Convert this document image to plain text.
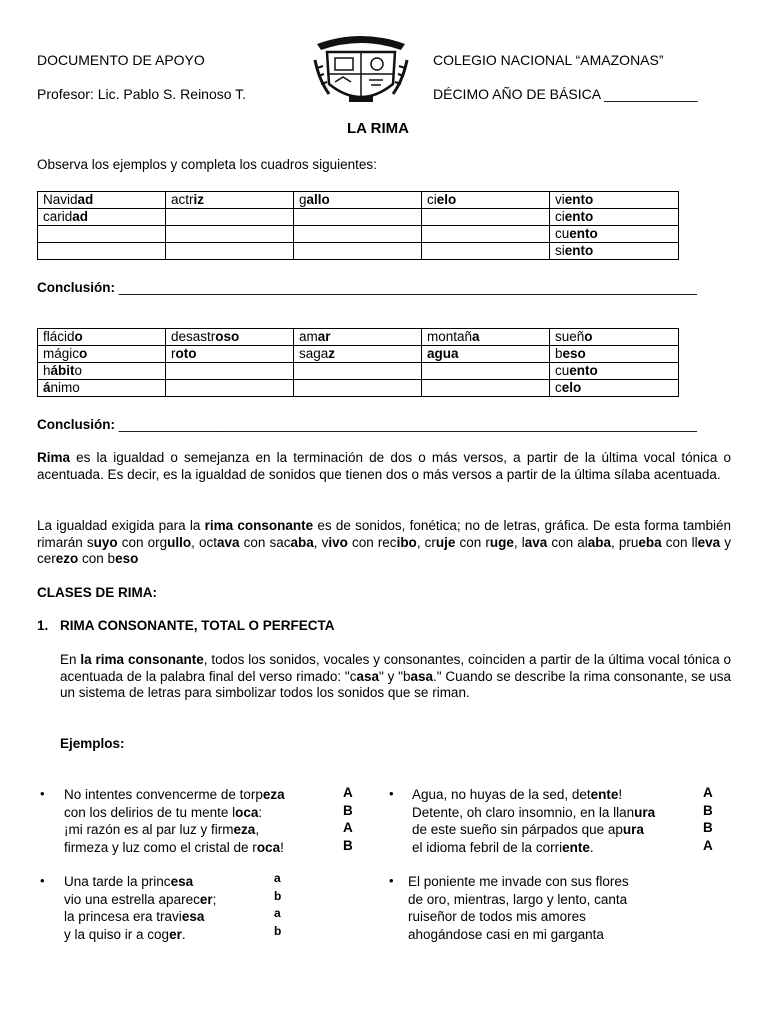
DOCUMENTO DE APOYO	COLEGIO NACIONAL “AMAZONAS”
Profesor: Lic. Pablo S. Reinoso T.	DÉCIMO AÑO DE BÁSICA ____________
LA RIMA
Observa los ejemplos y completa los cuadros siguientes:
Navidad	actriz	gallo	cielo	viento
caridad				ciento
				cuento
				siento
Conclusión: _____________________________________________________________________________
flácido	desastroso	amar	montaña	sueño
mágico	roto	sagaz	agua	beso
hábito				cuento
ánimo				celo
Conclusión: _____________________________________________________________________________
Rima es la igualdad o semejanza en la terminación de dos o más versos, a partir de la última vocal tónica o acentuada. Es decir, es la igualdad de sonidos que tienen dos o más versos a partir de la última sílaba acentuada.
La igualdad exigida para la rima consonante es de sonidos, fonética; no de letras, gráfica. De esta forma también rimarán suyo con orgullo, octava con sacaba, vivo con recibo, cruje con ruge, lava con alaba, prueba con lleva y cerezo con beso
CLASES DE RIMA:
1. RIMA CONSONANTE, TOTAL O PERFECTA
En la rima consonante, todos los sonidos, vocales y consonantes, coinciden a partir de la última vocal tónica o acentuada de la palabra final del verso rimado: "casa" y "basa." Cuando se describe la rima consonante, se usa un sistema de letras para simbolizar todos los sonidos que se riman.
Ejemplos:
• No intentes convencerme de torpeza
con los delirios de tu mente loca:
¡mi razón es al par luz y firmeza,
firmeza y luz como el cristal de roca!
A
B
A
B
• Agua, no huyas de la sed, detente!
Detente, oh claro insomnio, en la llanura
de este sueño sin párpados que apura
el idioma febril de la corriente.
A
B
B
A
• Una tarde la princesa
vio una estrella aparecer;
la princesa era traviesa
y la quiso ir a coger.
a
b
a
b
• El poniente me invade con sus flores
de oro, mientras, largo y lento, canta
ruiseñor de todos mis amores
ahogándose casi en mi garganta
